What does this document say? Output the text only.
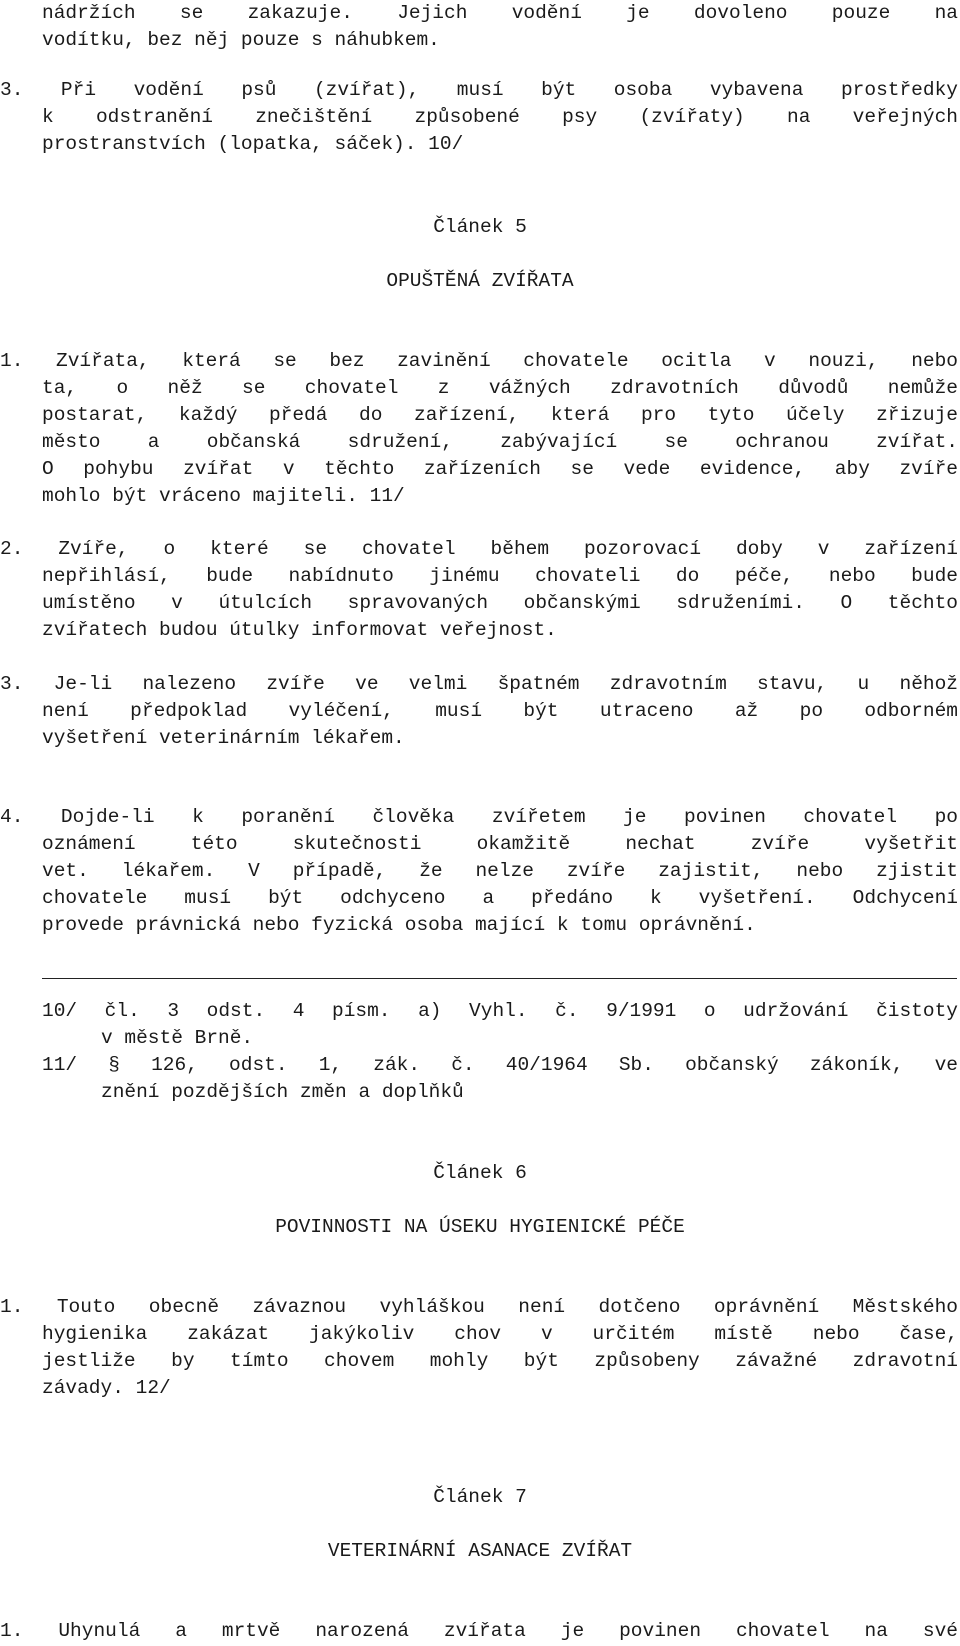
nádržích se zakazuje. Jejich vodění je dovoleno pouze na
vodítku, bez něj pouze s náhubkem.
3. Při vodění psů (zvířat), musí být osoba vybavena prostředky
k odstranění znečištění způsobené psy (zvířaty) na veřejných
prostranstvích (lopatka, sáček). 10/
Článek 5
OPUŠTĚNÁ ZVÍŘATA
1. Zvířata, která se bez zavinění chovatele ocitla v nouzi, nebo
ta, o něž se chovatel z vážných zdravotních důvodů nemůže
postarat, každý předá do zařízení, která pro tyto účely zřizuje
město a občanská sdružení, zabývající se ochranou zvířat.
O pohybu zvířat v těchto zařízeních se vede evidence, aby zvíře
mohlo být vráceno majiteli. 11/
2. Zvíře, o které se chovatel během pozorovací doby v zařízení
nepřihlásí, bude nabídnuto jinému chovateli do péče, nebo bude
umístěno v útulcích spravovaných občanskými sdruženími. O těchto
zvířatech budou útulky informovat veřejnost.
3. Je-li nalezeno zvíře ve velmi špatném zdravotním stavu, u něhož
není předpoklad vyléčení, musí být utraceno až po odborném
vyšetření veterinárním lékařem.
4. Dojde-li k poranění člověka zvířetem je povinen chovatel po
oznámení této skutečnosti okamžitě nechat zvíře vyšetřit
vet. lékařem. V případě, že nelze zvíře zajistit, nebo zjistit
chovatele musí být odchyceno a předáno k vyšetření. Odchycení
provede právnická nebo fyzická osoba mající k tomu oprávnění.
10/ čl. 3 odst. 4 písm. a) Vyhl. č. 9/1991 o udržování čistoty
v městě Brně.
11/ § 126, odst. 1, zák. č. 40/1964 Sb. občanský zákoník, ve
znění pozdějších změn a doplňků
Článek 6
POVINNOSTI NA ÚSEKU HYGIENICKÉ PÉČE
1. Touto obecně závaznou vyhláškou není dotčeno oprávnění Městského
hygienika zakázat jakýkoliv chov v určitém místě nebo čase,
jestliže by tímto chovem mohly být způsobeny závažné zdravotní
závady. 12/
Článek 7
VETERINÁRNÍ ASANACE ZVÍŘAT
1. Uhynulá a mrtvě narozená zvířata je povinen chovatel na své
